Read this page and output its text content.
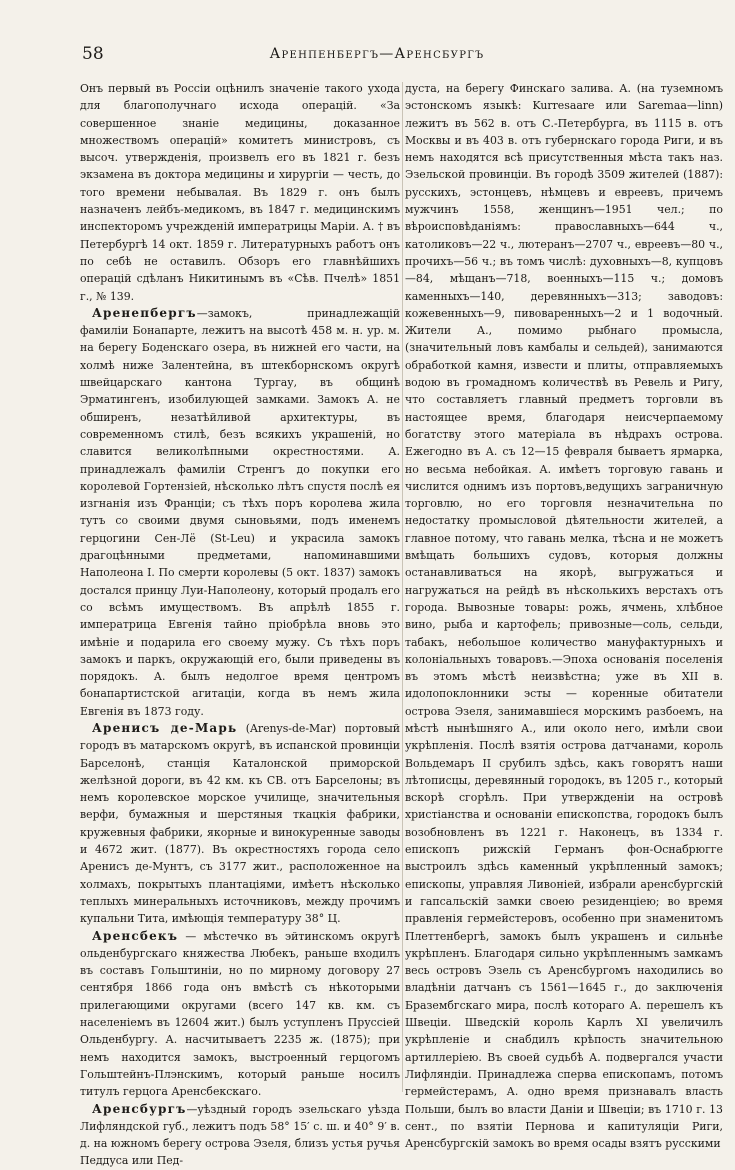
58	Аренпенбергъ—Аренсбургъ

Онъ первый въ Россіи оцѣнилъ значеніе такого ухода для благополучнаго исхода операцій. «За совершенное знаніе медицины, доказанное множествомъ операцій» комитетъ министровъ, съ высоч. утвержденія, произвелъ его въ 1821 г. безъ экзамена въ доктора медицины и хирургіи — честь, до того времени небывалая. Въ 1829 г. онъ былъ назначенъ лейбъ-медикомъ, въ 1847 г. медицинскимъ инспекторомъ учрежденій императрицы Маріи. А. † въ Петербургѣ 14 окт. 1859 г. Литературныхъ работъ онъ по себѣ не оставилъ. Обзоръ его главнѣйшихъ операцій сдѣланъ Никитинымъ въ «Сѣв. Пчелѣ» 1851 г., № 139.

Аренепбергъ—замокъ, принадлежащій фамиліи Бонапарте, лежитъ на высотѣ 458 м. н. ур. м. на берегу Боденскаго озера, въ нижней его части, на холмѣ ниже Залентейна, въ штекборнскомъ округѣ швейцарскаго кантона Тургау, въ общинѣ Эрматингенъ, изобилующей замками. Замокъ А. не обширенъ, незатѣйливой архитектуры, въ современномъ стилѣ, безъ всякихъ украшеній, но славится великолѣпными окрестностями. А. принадлежалъ фамиліи Стренгъ до покупки его королевой Гортензіей, нѣсколько лѣтъ спустя послѣ ея изгнанія изъ Франціи; съ тѣхъ поръ королева жила тутъ со своими двумя сыновьями, подъ именемъ герцогини Сен-Лё (St-Leu) и украсила замокъ драгоцѣнными предметами, напоминавшими Наполеона I. По смерти королевы (5 окт. 1837) замокъ достался принцу Луи-Наполеону, который продалъ его со всѣмъ имуществомъ. Въ апрѣлѣ 1855 г. императрица Евгенія тайно пріобрѣла вновь это имѣніе и подарила его своему мужу. Съ тѣхъ поръ замокъ и паркъ, окружающій его, были приведены въ порядокъ. А. былъ недолгое время центромъ бонапартистской агитаціи, когда въ немъ жила Евгенія въ 1873 году.

Аренисъ де-Марь (Arenys-de-Mar) портовый городъ въ матарскомъ округѣ, въ испанской провинціи Барселонѣ, станція Каталонской приморской желѣзной дороги, въ 42 км. къ СВ. отъ Барселоны; въ немъ королевское морское училище, значительныя верфи, бумажныя и шерстяныя ткацкія фабрики, кружевныя фабрики, якорные и винокуренные заводы и 4672 жит. (1877). Въ окрестностяхъ города село Аренисъ де-Мунтъ, съ 3177 жит., расположенное на холмахъ, покрытыхъ плантаціями, имѣетъ нѣсколько теплыхъ минеральныхъ источниковъ, между прочимъ купальни Тита, имѣющія температуру 38° Ц.

Аренсбекъ — мѣстечко въ эйтинскомъ округѣ ольденбургскаго княжества Любекъ, раньше входилъ въ составъ Гольштиніи, но по мирному договору 27 сентября 1866 года онъ вмѣстѣ съ нѣкоторыми прилегающими округами (всего 147 кв. км. съ населеніемъ въ 12604 жит.) былъ уступленъ Пруссіей Ольденбургу. А. насчитываетъ 2235 ж. (1875); при немъ находится замокъ, выстроенный герцогомъ Гольштейнъ-Плэнскимъ, который раньше носилъ титулъ герцога Аренсбекскаго.

Аренсбургъ—уѣздный городъ эзельскаго уѣзда Лифляндской губ., лежитъ подъ 58° 15′ с. ш. и 40° 9′ в. д. на южномъ берегу острова Эзеля, близъ устья ручья Педдуса или Пед-

дуста, на берегу Финскаго залива. А. (на туземномъ эстонскомъ языкѣ: Kurresaare или Saremaa—linn) лежитъ въ 562 в. отъ С.-Петербурга, въ 1115 в. отъ Москвы и въ 403 в. отъ губернскаго города Риги, и въ немъ находятся всѣ присутственныя мѣста такъ наз. Эзельской провинціи. Въ городѣ 3509 жителей (1887): русскихъ, эстонцевъ, нѣмцевъ и евреевъ, причемъ мужчинъ 1558, женщинъ—1951 чел.; по вѣроисповѣданіямъ: православныхъ—644 ч., католиковъ—22 ч., лютеранъ—2707 ч., евреевъ—80 ч., прочихъ—56 ч.; въ томъ числѣ: духовныхъ—8, купцовъ—84, мѣщанъ—718, военныхъ—115 ч.; домовъ каменныхъ—140, деревянныхъ—313; заводовъ: кожевенныхъ—9, пивоваренныхъ—2 и 1 водочный. Жители А., помимо рыбнаго промысла, (значительный ловъ камбалы и сельдей), занимаются обработкой камня, извести и плиты, отправляемыхъ водою въ громадномъ количествѣ въ Ревель и Ригу, что составляетъ главный предметъ торговли въ настоящее время, благодаря неисчерпаемому богатству этого матеріала въ нѣдрахъ острова. Ежегодно въ А. съ 12—15 февраля бываетъ ярмарка, но весьма небойкая. А. имѣетъ торговую гавань и числится однимъ изъ портовъ,ведущихъ заграничную торговлю, но его торговля незначительна по недостатку промысловой дѣятельности жителей, а главное потому, что гавань мелка, тѣсна и не можетъ вмѣщать большихъ судовъ, которыя должны останавливаться на якорѣ, выгружаться и нагружаться на рейдѣ въ нѣсколькихъ верстахъ отъ города. Вывозные товары: рожь, ячмень, хлѣбное вино, рыба и картофель; привозные—соль, сельди, табакъ, небольшое количество мануфактурныхъ и колоніальныхъ товаровъ.—Эпоха основанія поселенія въ этомъ мѣстѣ неизвѣстна; уже въ XII в. идолопоклонники эсты — коренные обитатели острова Эзеля, занимавшіеся морскимъ разбоемъ, на мѣстѣ нынѣшняго А., или около него, имѣли свои укрѣпленія. Послѣ взятія острова датчанами, король Вольдемаръ II срубилъ здѣсь, какъ говорятъ наши лѣтописцы, деревянный городокъ, въ 1205 г., который вскорѣ сгорѣлъ. При утвержденіи на островѣ христіанства и основаніи епископства, городокъ былъ возобновленъ въ 1221 г. Наконецъ, въ 1334 г. епископъ рижскій Германъ фон-Оснабрюгге выстроилъ здѣсь каменный укрѣпленный замокъ; епископы, управляя Ливоніей, избрали аренсбургскій и гапсальскій замки своею резиденціею; во время правленія гермейстеровъ, особенно при знаменитомъ Плеттенбергѣ, замокъ былъ украшенъ и сильнѣе укрѣпленъ. Благодаря сильно укрѣпленнымъ замкамъ весь островъ Эзель съ Аренсбургомъ находились во владѣніи датчанъ съ 1561—1645 г., до заключенія Бразембгскаго мира, послѣ котораго А. перешелъ къ Швеціи. Шведскій король Карлъ XI увеличилъ укрѣпленіе и снабдилъ крѣпость значительною артиллеріею. Въ своей судьбѣ А. подвергался участи Лифляндіи. Принадлежа сперва епископамъ, потомъ гермейстерамъ, А. одно время признавалъ власть Польши, былъ во власти Даніи и Швеціи; въ 1710 г. 13 сент., по взятіи Пернова и капитуляціи Риги, Аренсбургскій замокъ во время осады взятъ русскими
